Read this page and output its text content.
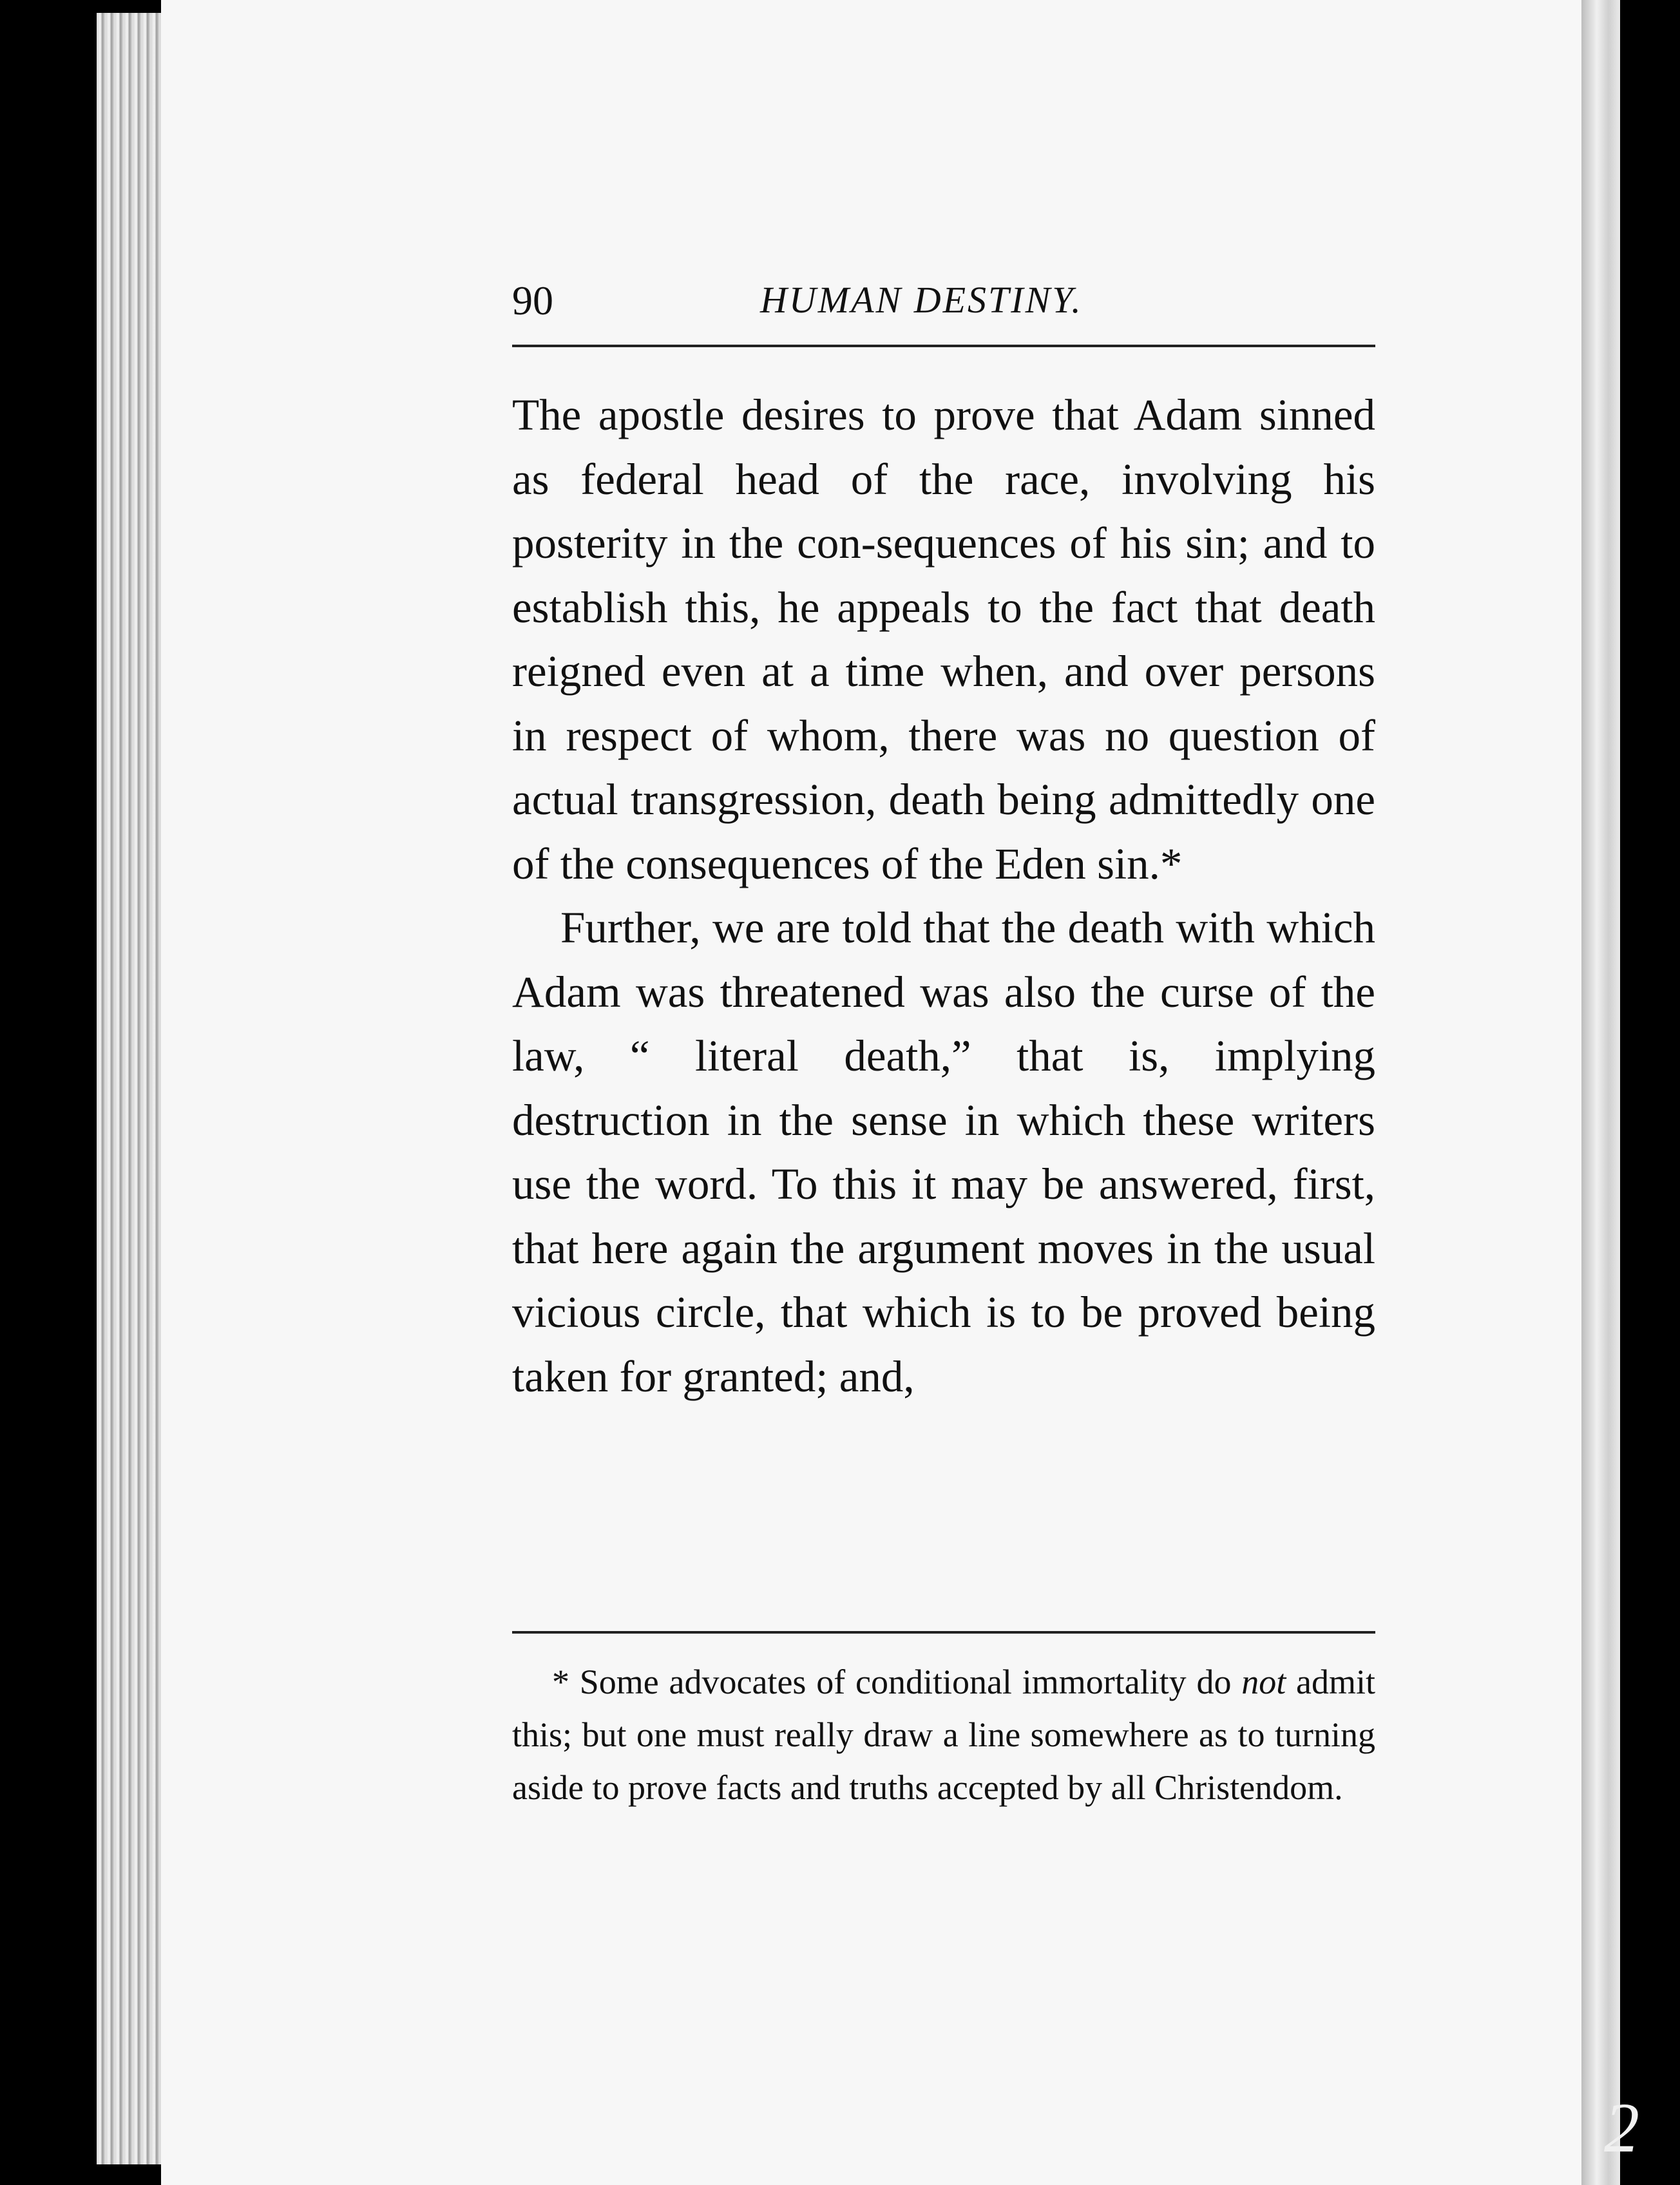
90	HUMAN DESTINY.

The apostle desires to prove that Adam sinned as federal head of the race, involving his posterity in the con-sequences of his sin; and to establish this, he appeals to the fact that death reigned even at a time when, and over persons in respect of whom, there was no question of actual transgression, death being admittedly one of the consequences of the Eden sin.*

Further, we are told that the death with which Adam was threatened was also the curse of the law, “ literal death,” that is, implying destruction in the sense in which these writers use the word. To this it may be answered, first, that here again the argument moves in the usual vicious circle, that which is to be proved being taken for granted; and,

* Some advocates of conditional immortality do not admit this; but one must really draw a line somewhere as to turning aside to prove facts and truths accepted by all Christendom.

2
